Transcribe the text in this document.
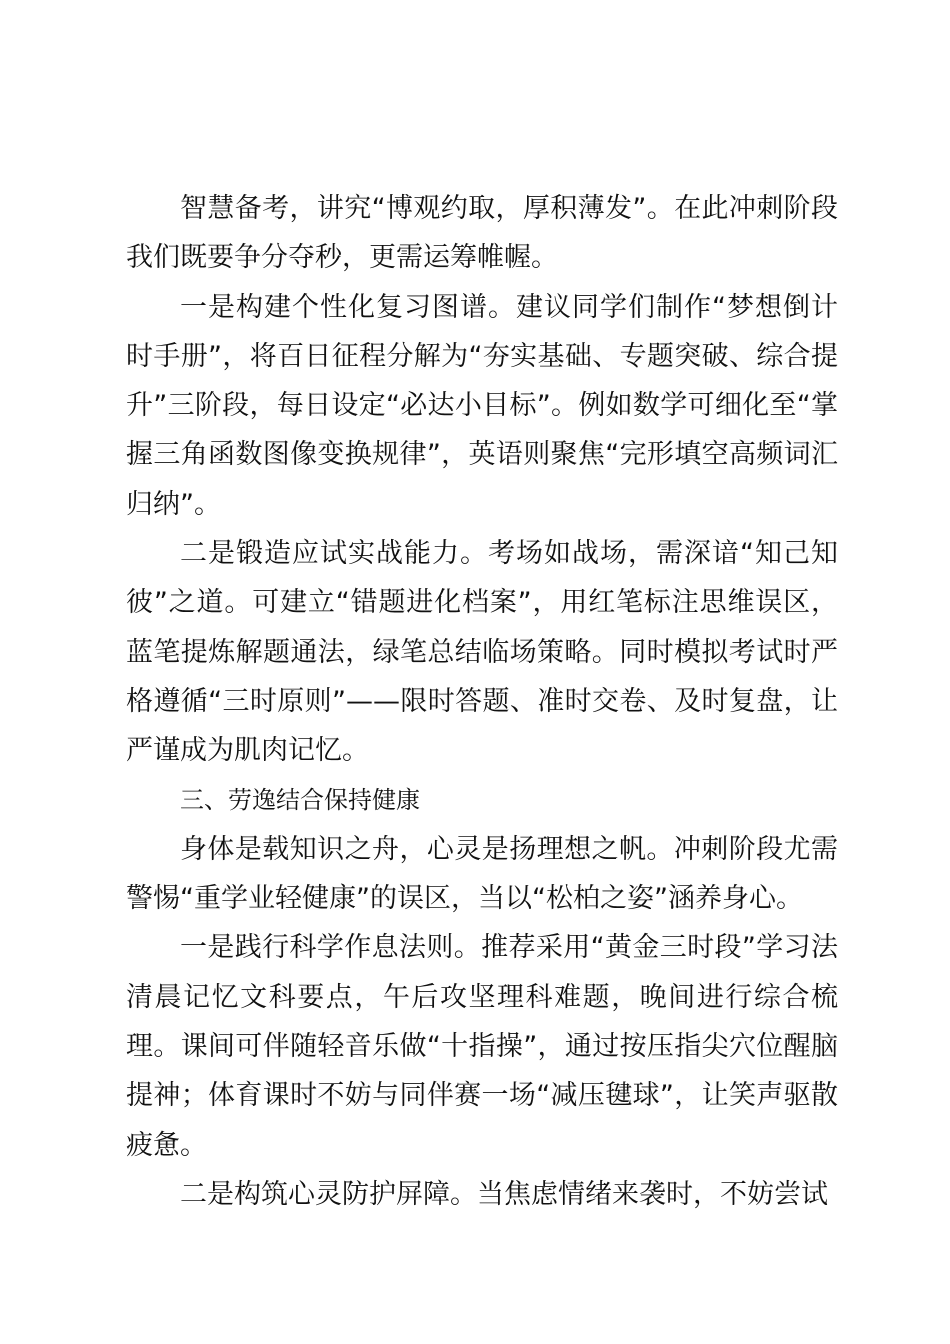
智慧备考，讲究“博观约取，厚积薄发”。在此冲刺阶段我们既要争分夺秒，更需运筹帷幄。

一是构建个性化复习图谱。建议同学们制作“梦想倒计时手册”，将百日征程分解为“夯实基础、专题突破、综合提升”三阶段，每日设定“必达小目标”。例如数学可细化至“掌握三角函数图像变换规律”，英语则聚焦“完形填空高频词汇归纳”。

二是锻造应试实战能力。考场如战场，需深谙“知己知彼”之道。可建立“错题进化档案”，用红笔标注思维误区，蓝笔提炼解题通法，绿笔总结临场策略。同时模拟考试时严格遵循“三时原则”——限时答题、准时交卷、及时复盘，让严谨成为肌肉记忆。

三、劳逸结合保持健康

身体是载知识之舟，心灵是扬理想之帆。冲刺阶段尤需警惕“重学业轻健康”的误区，当以“松柏之姿”涵养身心。

一是践行科学作息法则。推荐采用“黄金三时段”学习法清晨记忆文科要点，午后攻坚理科难题，晚间进行综合梳理。课间可伴随轻音乐做“十指操”，通过按压指尖穴位醒脑提神；体育课时不妨与同伴赛一场“减压毽球”，让笑声驱散疲惫。

二是构筑心灵防护屏障。当焦虑情绪来袭时，不妨尝试
